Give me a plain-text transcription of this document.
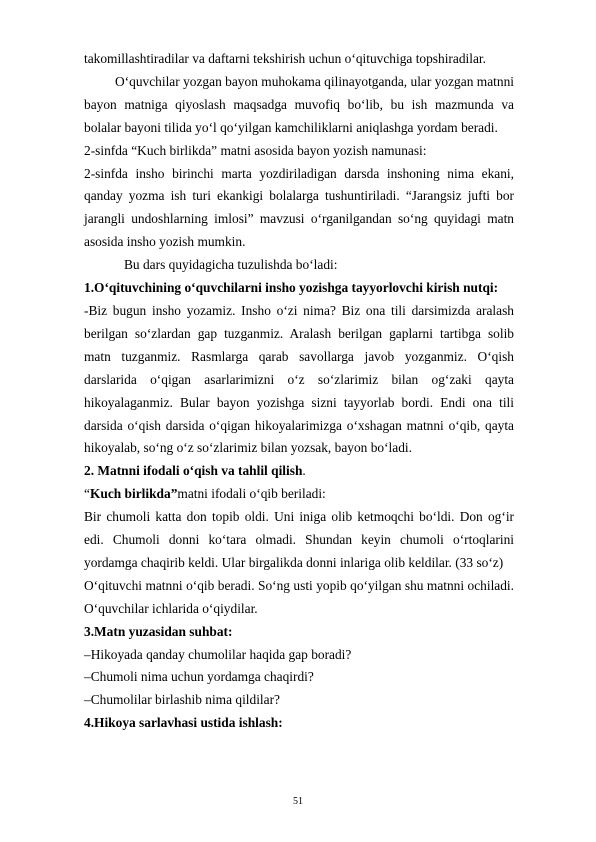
takomillashtiradilar va daftarni tekshirish uchun o‘qituvchiga topshiradilar.

O‘quvchilar yozgan bayon muhokama qilinayotganda, ular yozgan matnni bayon matniga qiyoslash maqsadga muvofiq bo‘lib, bu ish mazmunda va bolalar bayoni tilida yo‘l qo‘yilgan kamchiliklarni aniqlashga yordam beradi.

2-sinfda “Kuch birlikda” matni asosida bayon yozish namunasi:

2-sinfda insho birinchi marta yozdiriladigan darsda inshoning nima ekani, qanday yozma ish turi ekankigi bolalarga tushuntiriladi. “Jarangsiz jufti bor jarangli undoshlarning imlosi” mavzusi o‘rganilgandan so‘ng quyidagi matn asosida insho yozish mumkin.

Bu dars quyidagicha tuzulishda bo‘ladi:

1.O‘qituvchining o‘quvchilarni insho yozishga tayyorlovchi kirish nutqi:

-Biz bugun insho yozamiz. Insho o‘zi nima? Biz ona tili darsimizda aralash berilgan so‘zlardan gap tuzganmiz. Aralash berilgan gaplarni tartibga solib matn tuzganmiz. Rasmlarga qarab savollarga javob yozganmiz. O‘qish darslarida o‘qigan asarlarimizni o‘z so‘zlarimiz bilan og‘zaki qayta hikoyalaganmiz. Bular bayon yozishga sizni tayyorlab bordi. Endi ona tili darsida o‘qish darsida o‘qigan hikoyalarimizga o‘xshagan matnni o‘qib, qayta hikoyalab, so‘ng o‘z so‘zlarimiz bilan yozsak, bayon bo‘ladi.

2. Matnni ifodali o‘qish va tahlil qilish.

“Kuch birlikda”matni ifodali o‘qib beriladi:

Bir chumoli katta don topib oldi. Uni iniga olib ketmoqchi bo‘ldi. Don og‘ir edi. Chumoli donni ko‘tara olmadi. Shundan keyin chumoli o‘rtoqlarini yordamga chaqirib keldi. Ular birgalikda donni inlariga olib keldilar. (33 so‘z)

O‘qituvchi matnni o‘qib beradi. So‘ng usti yopib qo‘yilgan shu matnni ochiladi. O‘quvchilar ichlarida o‘qiydilar.

3.Matn yuzasidan suhbat:

–Hikoyada qanday chumolilar haqida gap boradi?

–Chumoli nima uchun yordamga chaqirdi?

–Chumolilar birlashib nima qildilar?

4.Hikoya sarlavhasi ustida ishlash:

51
